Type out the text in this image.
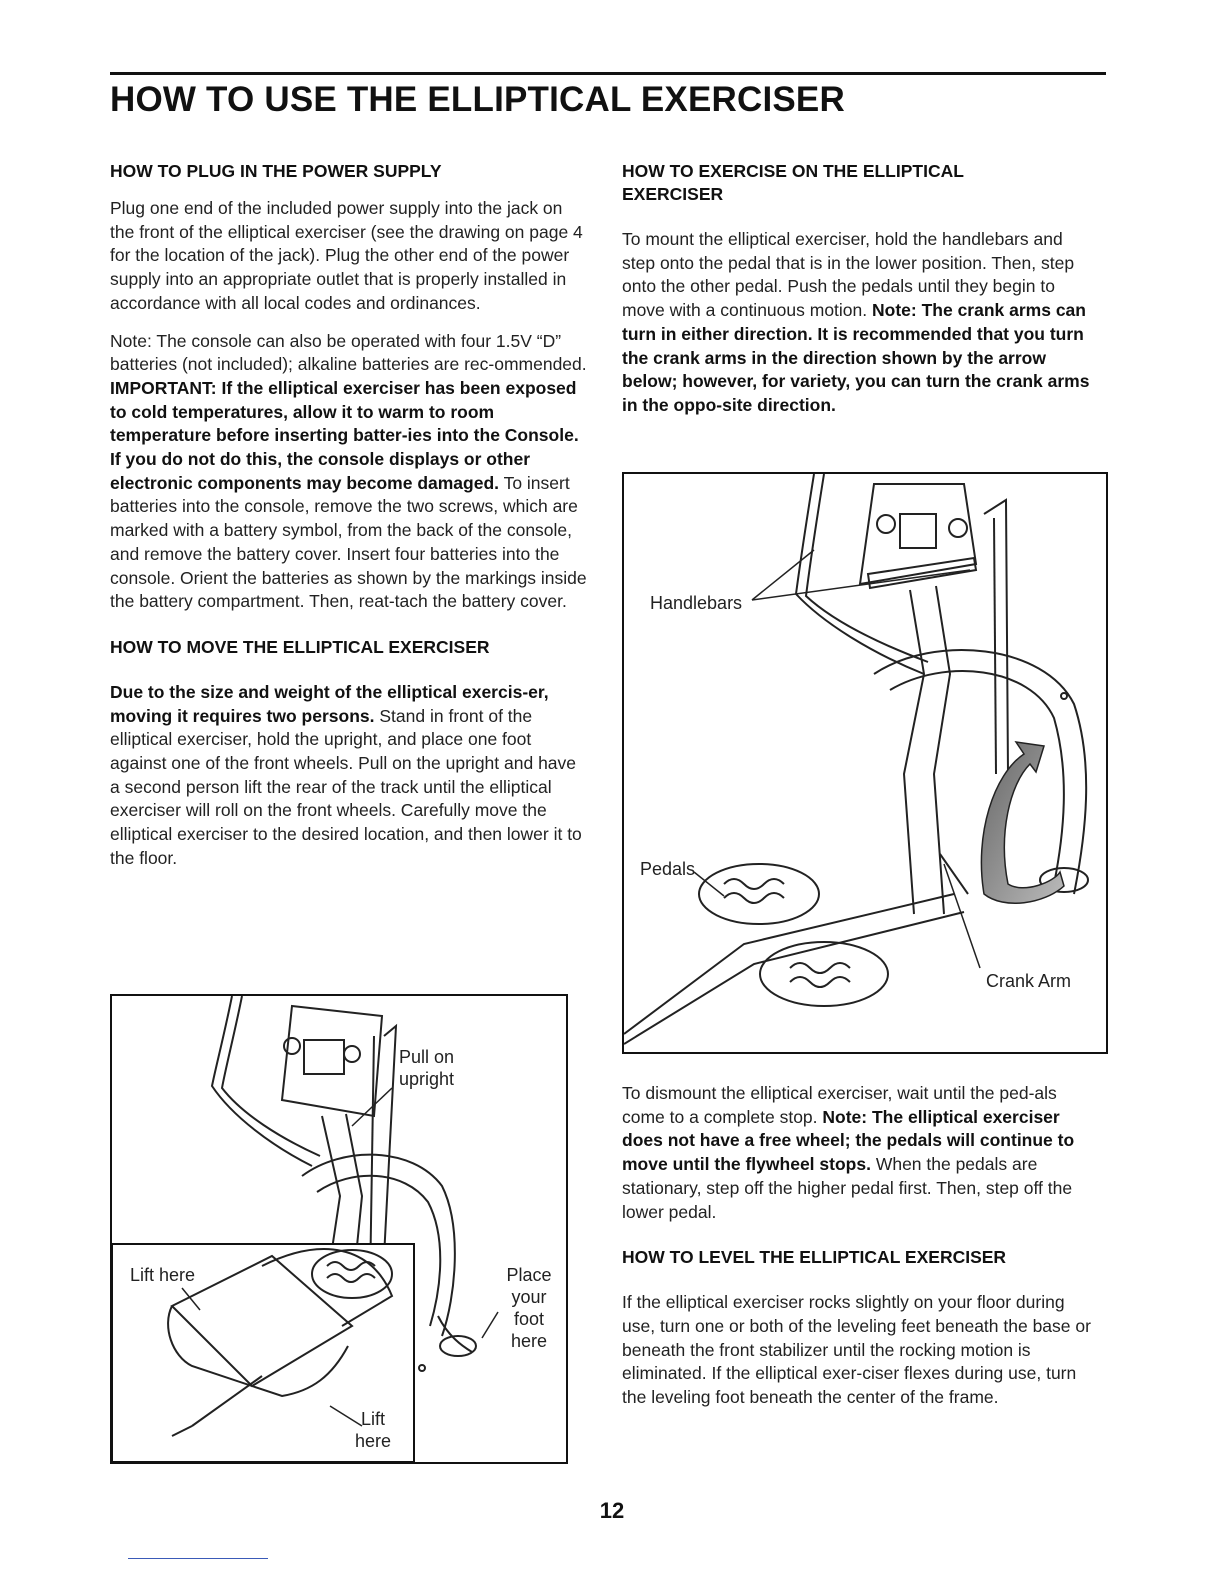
HOW TO USE THE ELLIPTICAL EXERCISER
HOW TO PLUG IN THE POWER SUPPLY

Plug one end of the included power supply into the jack on the front of the elliptical exerciser (see the drawing on page 4 for the location of the jack). Plug the other end of the power supply into an appropriate outlet that is properly installed in accordance with all local codes and ordinances.

Note: The console can also be operated with four 1.5V “D” batteries (not included); alkaline batteries are rec-ommended. IMPORTANT: If the elliptical exerciser has been exposed to cold temperatures, allow it to warm to room temperature before inserting batter-ies into the Console. If you do not do this, the console displays or other electronic components may become damaged. To insert batteries into the console, remove the two screws, which are marked with a battery symbol, from the back of the console, and remove the battery cover. Insert four batteries into the console. Orient the batteries as shown by the markings inside the battery compartment. Then, reat-tach the battery cover.

HOW TO MOVE THE ELLIPTICAL EXERCISER

Due to the size and weight of the elliptical exercis-er, moving it requires two persons. Stand in front of the elliptical exerciser, hold the upright, and place one foot against one of the front wheels. Pull on the upright and have a second person lift the rear of the track until the elliptical exerciser will roll on the front wheels. Carefully move the elliptical exerciser to the desired location, and then lower it to the floor.

HOW TO EXERCISE ON THE ELLIPTICAL EXERCISER

To mount the elliptical exerciser, hold the handlebars and step onto the pedal that is in the lower position. Then, step onto the other pedal. Push the pedals until they begin to move with a continuous motion. Note: The crank arms can turn in either direction. It is recommended that you turn the crank arms in the direction shown by the arrow below; however, for variety, you can turn the crank arms in the oppo-site direction.

To dismount the elliptical exerciser, wait until the ped-als come to a complete stop. Note: The elliptical exerciser does not have a free wheel; the pedals will continue to move until the flywheel stops. When the pedals are stationary, step off the higher pedal first. Then, step off the lower pedal.

HOW TO LEVEL THE ELLIPTICAL EXERCISER

If the elliptical exerciser rocks slightly on your floor during use, turn one or both of the leveling feet beneath the base or beneath the front stabilizer until the rocking motion is eliminated. If the elliptical exer-ciser flexes during use, turn the leveling foot beneath the center of the frame.

Pull on upright
Lift here	Place your foot here
Lift here
Handlebars
Pedals
Crank Arm
12
